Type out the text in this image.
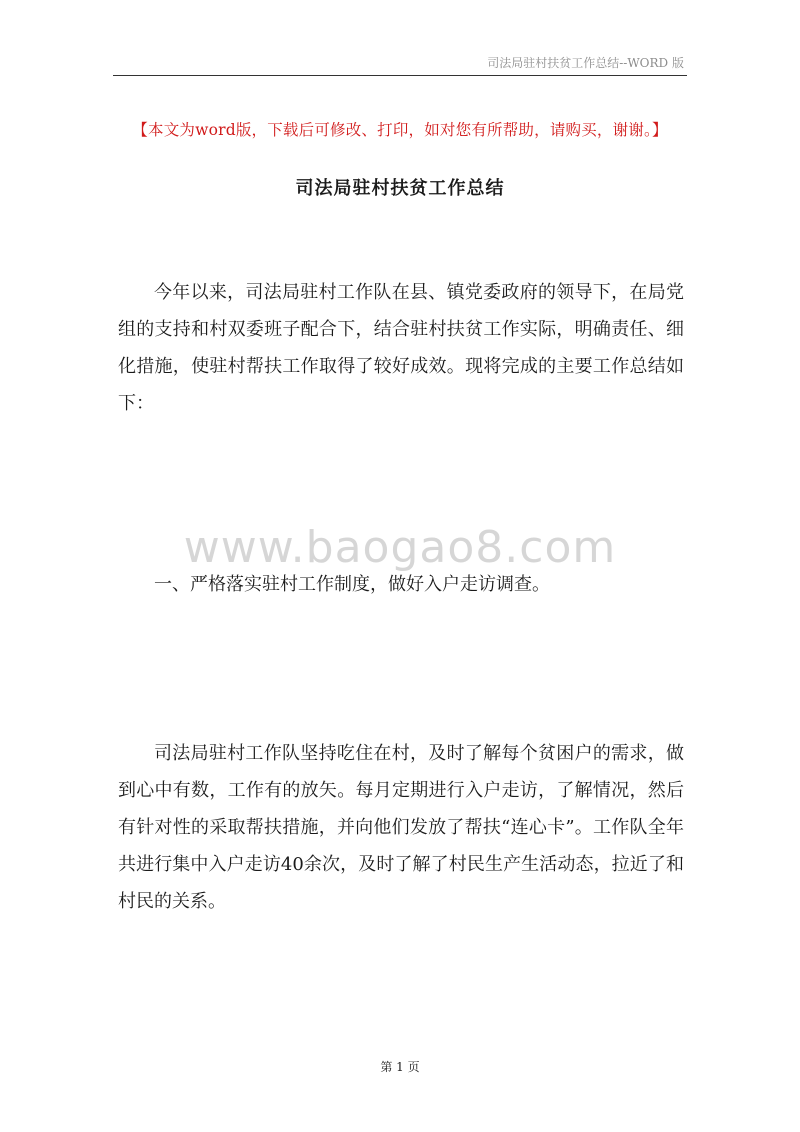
司法局驻村扶贫工作总结--WORD 版
【本文为word版，下载后可修改、打印，如对您有所帮助，请购买，谢谢。】
司法局驻村扶贫工作总结
今年以来，司法局驻村工作队在县、镇党委政府的领导下，在局党组的支持和村双委班子配合下，结合驻村扶贫工作实际，明确责任、细化措施，使驻村帮扶工作取得了较好成效。现将完成的主要工作总结如下：
www.baogao8.com
一、严格落实驻村工作制度，做好入户走访调查。
司法局驻村工作队坚持吃住在村，及时了解每个贫困户的需求，做到心中有数，工作有的放矢。每月定期进行入户走访，了解情况，然后有针对性的采取帮扶措施，并向他们发放了帮扶“连心卡”。工作队全年共进行集中入户走访40余次，及时了解了村民生产生活动态，拉近了和村民的关系。
第 1 页
